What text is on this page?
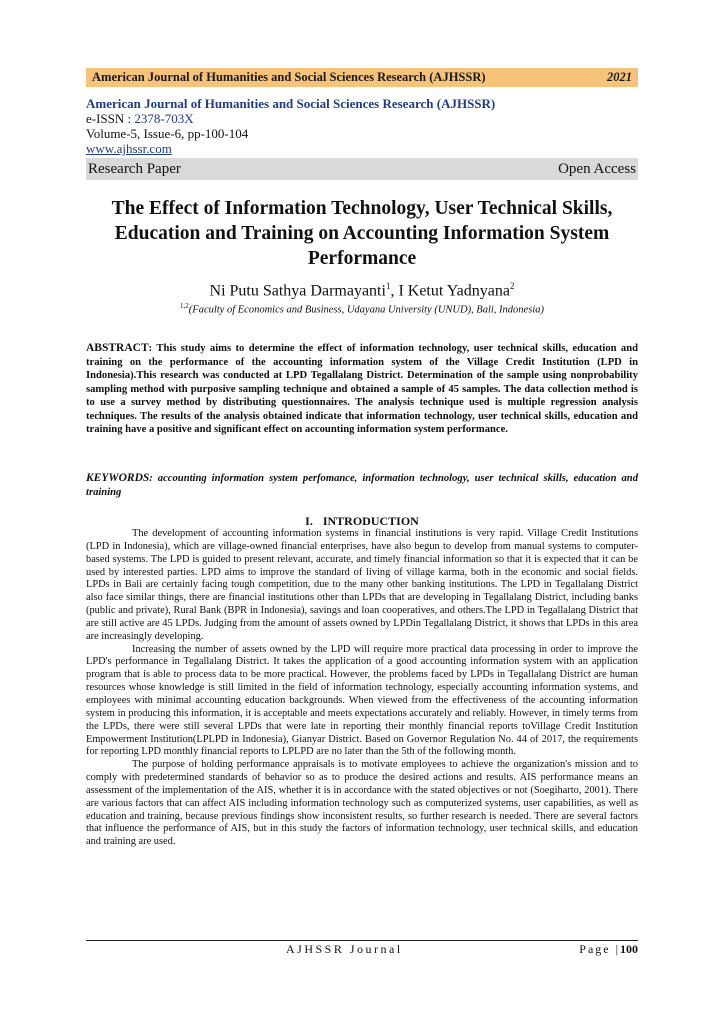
American Journal of Humanities and Social Sciences Research (AJHSSR)	2021
American Journal of Humanities and Social Sciences Research (AJHSSR)
e-ISSN : 2378-703X
Volume-5, Issue-6, pp-100-104
www.ajhssr.com
Research Paper	Open Access
The Effect of Information Technology, User Technical Skills,
Education and Training on Accounting Information System
Performance
Ni Putu Sathya Darmayanti$^1$, I Ketut Yadnyana$^2$
$^{1,2}$(Faculty of Economics and Business, Udayana University (UNUD), Bali, Indonesia)
ABSTRACT: This study aims to determine the effect of information technology, user technical skills, education and training on the performance of the accounting information system of the Village Credit Institution (LPD in Indonesia).This research was conducted at LPD Tegallalang District. Determination of the sample using nonprobability sampling method with purposive sampling technique and obtained a sample of 45 samples. The data collection method is to use a survey method by distributing questionnaires. The analysis technique used is multiple regression analysis techniques. The results of the analysis obtained indicate that information technology, user technical skills, education and training have a positive and significant effect on accounting information system performance.
KEYWORDS: accounting information system perfomance, information technology, user technical skills, education and training
I. INTRODUCTION

The development of accounting information systems in financial institutions is very rapid. Village Credit Institutions (LPD in Indonesia), which are village-owned financial enterprises, have also begun to develop from manual systems to computer-based systems. The LPD is guided to present relevant, accurate, and timely financial information so that it is expected that it can be used by interested parties. LPD aims to improve the standard of living of village karma, both in the economic and social fields. LPDs in Bali are certainly facing tough competition, due to the many other banking institutions. The LPD in Tegallalang District also face similar things, there are financial institutions other than LPDs that are developing in Tegallalang District, including banks (public and private), Rural Bank (BPR in Indonesia), savings and loan cooperatives, and others.The LPD in Tegallalang District that are still active are 45 LPDs. Judging from the amount of assets owned by LPDin Tegallalang District, it shows that LPDs in this area are increasingly developing.

Increasing the number of assets owned by the LPD will require more practical data processing in order to improve the LPD's performance in Tegallalang District. It takes the application of a good accounting information system with an application program that is able to process data to be more practical. However, the problems faced by LPDs in Tegallalang District are human resources whose knowledge is still limited in the field of information technology, especially accounting information systems, and employees with minimal accounting education backgrounds. When viewed from the effectiveness of the accounting information system in producing this information, it is acceptable and meets expectations accurately and reliably. However, in timely terms from the LPDs, there were still several LPDs that were late in reporting their monthly financial reports toVillage Credit Institution Empowerment Institution(LPLPD in Indonesia), Gianyar District. Based on Governor Regulation No. 44 of 2017, the requirements for reporting LPD monthly financial reports to LPLPD are no later than the 5th of the following month.

The purpose of holding performance appraisals is to motivate employees to achieve the organization's mission and to comply with predetermined standards of behavior so as to produce the desired actions and results. AIS performance means an assessment of the implementation of the AIS, whether it is in accordance with the stated objectives or not (Soegiharto, 2001). There are various factors that can affect AIS including information technology such as computerized systems, user capabilities, as well as education and training, because previous findings show inconsistent results, so further research is needed. There are several factors that influence the performance of AIS, but in this study the factors of information technology, user technical skills, and education and training are used.

AJHSSR Journal	Page |100
